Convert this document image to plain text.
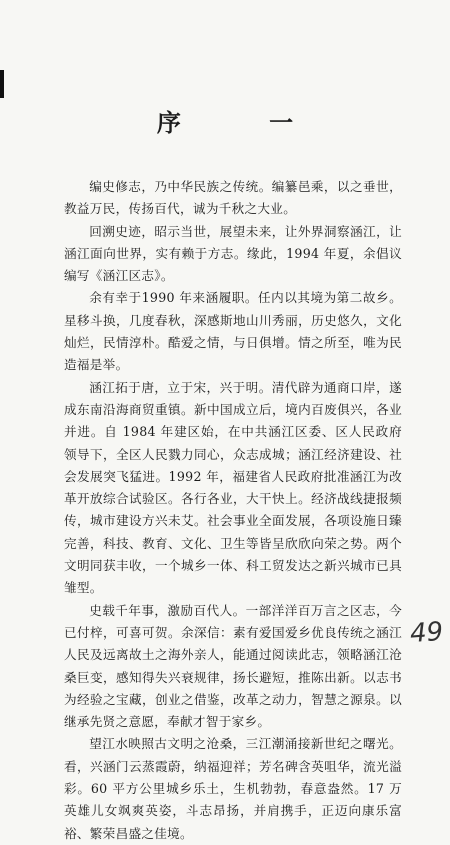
序 一

编史修志，乃中华民族之传统。编纂邑乘，以之垂世，教益万民，传扬百代，诚为千秋之大业。

回溯史迹，昭示当世，展望未来，让外界洞察涵江，让涵江面向世界，实有赖于方志。缘此，1994 年夏，余倡议编写《涵江区志》。

余有幸于1990 年来涵履职。任内以其境为第二故乡。星移斗换，几度春秋，深感斯地山川秀丽，历史悠久，文化灿烂，民情淳朴。酷爱之情，与日俱增。情之所至，唯为民造福是举。

涵江拓于唐，立于宋，兴于明。清代辟为通商口岸，遂成东南沿海商贸重镇。新中国成立后，境内百废俱兴，各业并进。自 1984 年建区始，在中共涵江区委、区人民政府领导下，全区人民戮力同心，众志成城；涵江经济建设、社会发展突飞猛进。1992 年，福建省人民政府批准涵江为改革开放综合试验区。各行各业，大干快上。经济战线捷报频传，城市建设方兴未艾。社会事业全面发展，各项设施日臻完善，科技、教育、文化、卫生等皆呈欣欣向荣之势。两个文明同获丰收，一个城乡一体、科工贸发达之新兴城市已具雏型。

史载千年事，激励百代人。一部洋洋百万言之区志，今已付梓，可喜可贺。余深信：素有爱国爱乡优良传统之涵江人民及远离故土之海外亲人，能通过阅读此志，领略涵江沧桑巨变，感知得失兴衰规律，扬长避短，推陈出新。以志书为经验之宝藏，创业之借鉴，改革之动力，智慧之源泉。以继承先贤之意愿，奉献才智于家乡。

望江水映照古文明之沧桑，三江潮涌接新世纪之曙光。看，兴涵门云蒸霞蔚，纳福迎祥；芳名碑含英咀华，流光溢彩。60 平方公里城乡乐土，生机勃勃，春意盎然。17 万英雄儿女飒爽英姿，斗志昂扬，并肩携手，正迈向康乐富裕、繁荣昌盛之佳境。

49
